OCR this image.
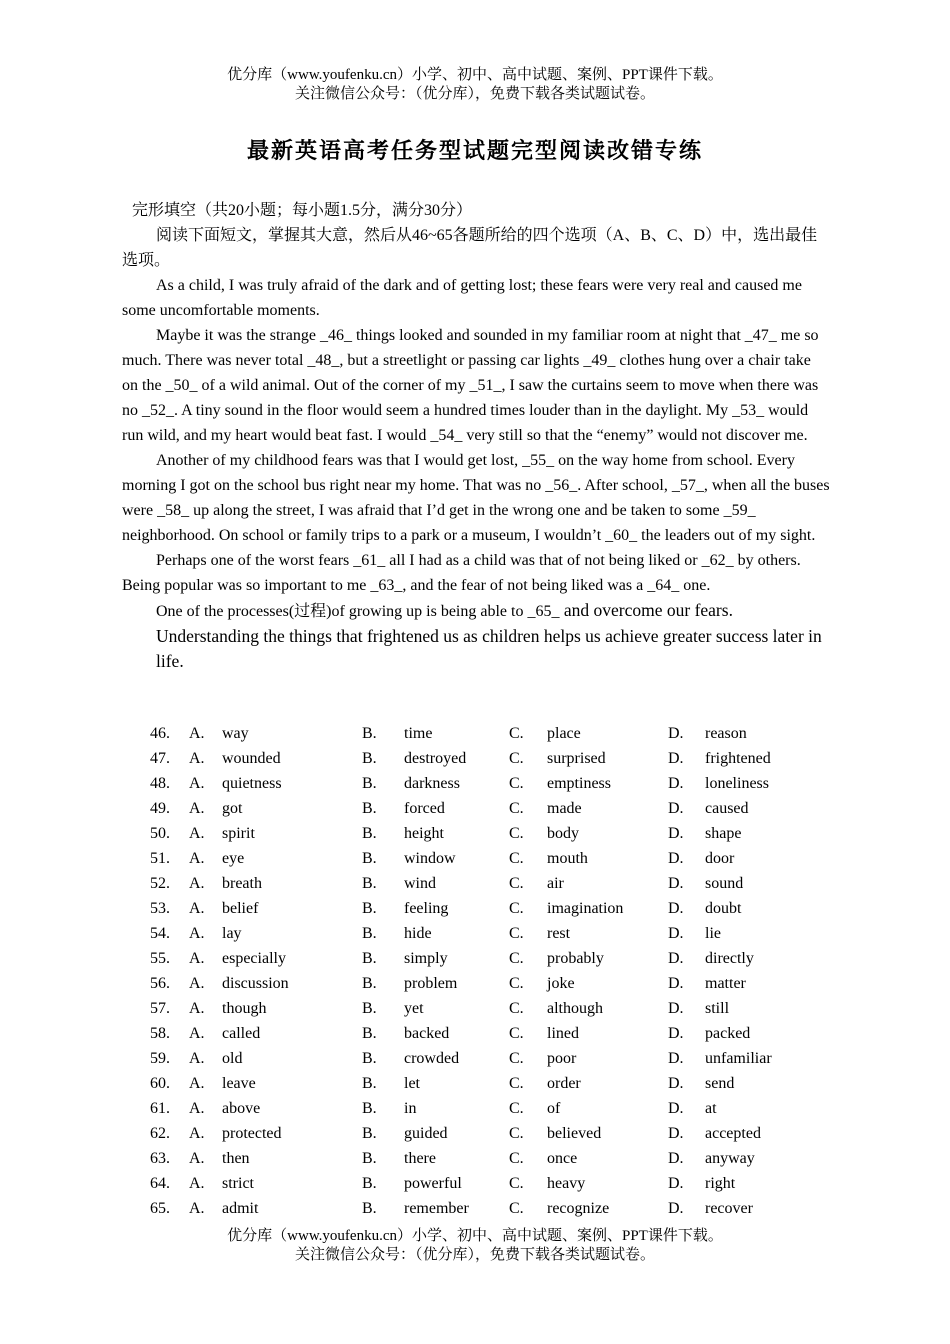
优分库（www.youfenku.cn）小学、初中、高中试题、案例、PPT课件下载。
关注微信公众号：（优分库），免费下载各类试题试卷。
最新英语高考任务型试题完型阅读改错专练
完形填空（共20小题；每小题1.5分，满分30分）

阅读下面短文，掌握其大意，然后从46~65各题所给的四个选项（A、B、C、D）中，选出最佳选项。

As a child, I was truly afraid of the dark and of getting lost; these fears were very real and caused me some uncomfortable moments.

Maybe it was the strange _46_ things looked and sounded in my familiar room at night that _47_ me so much. There was never total _48_, but a streetlight or passing car lights _49_ clothes hung over a chair take on the _50_ of a wild animal. Out of the corner of my _51_, I saw the curtains seem to move when there was no _52_. A tiny sound in the floor would seem a hundred times louder than in the daylight. My _53_ would run wild, and my heart would beat fast. I would _54_ very still so that the “enemy” would not discover me.

Another of my childhood fears was that I would get lost, _55_ on the way home from school. Every morning I got on the school bus right near my home. That was no _56_. After school, _57_, when all the buses were _58_ up along the street, I was afraid that I’d get in the wrong one and be taken to some _59_ neighborhood. On school or family trips to a park or a museum, I wouldn’t _60_ the leaders out of my sight.

Perhaps one of the worst fears _61_ all I had as a child was that of not being liked or _62_ by others. Being popular was so important to me _63_, and the fear of not being liked was a _64_ one.

One of the processes(过程)of growing up is being able to _65_ and overcome our fears. Understanding the things that frightened us as children helps us achieve greater success later in life.

46. A. way	B. time	C. place	D. reason
47. A. wounded	B. destroyed	C. surprised	D. frightened
48. A. quietness	B. darkness	C. emptiness	D. loneliness
49. A. got	B. forced	C. made	D. caused
50. A. spirit	B. height	C. body	D. shape
51. A. eye	B. window	C. mouth	D. door
52. A. breath	B. wind	C. air	D. sound
53. A. belief	B. feeling	C. imagination	D. doubt
54. A. lay	B. hide	C. rest	D. lie
55. A. especially	B. simply	C. probably	D. directly
56. A. discussion	B. problem	C. joke	D. matter
57. A. though	B. yet	C. although	D. still
58. A. called	B. backed	C. lined	D. packed
59. A. old	B. crowded	C. poor	D. unfamiliar
60. A. leave	B. let	C. order	D. send
61. A. above	B. in	C. of	D. at
62. A. protected	B. guided	C. believed	D. accepted
63. A. then	B. there	C. once	D. anyway
64. A. strict	B. powerful	C. heavy	D. right
65. A. admit	B. remember	C. recognize	D. recover
优分库（www.youfenku.cn）小学、初中、高中试题、案例、PPT课件下载。
关注微信公众号：（优分库），免费下载各类试题试卷。
